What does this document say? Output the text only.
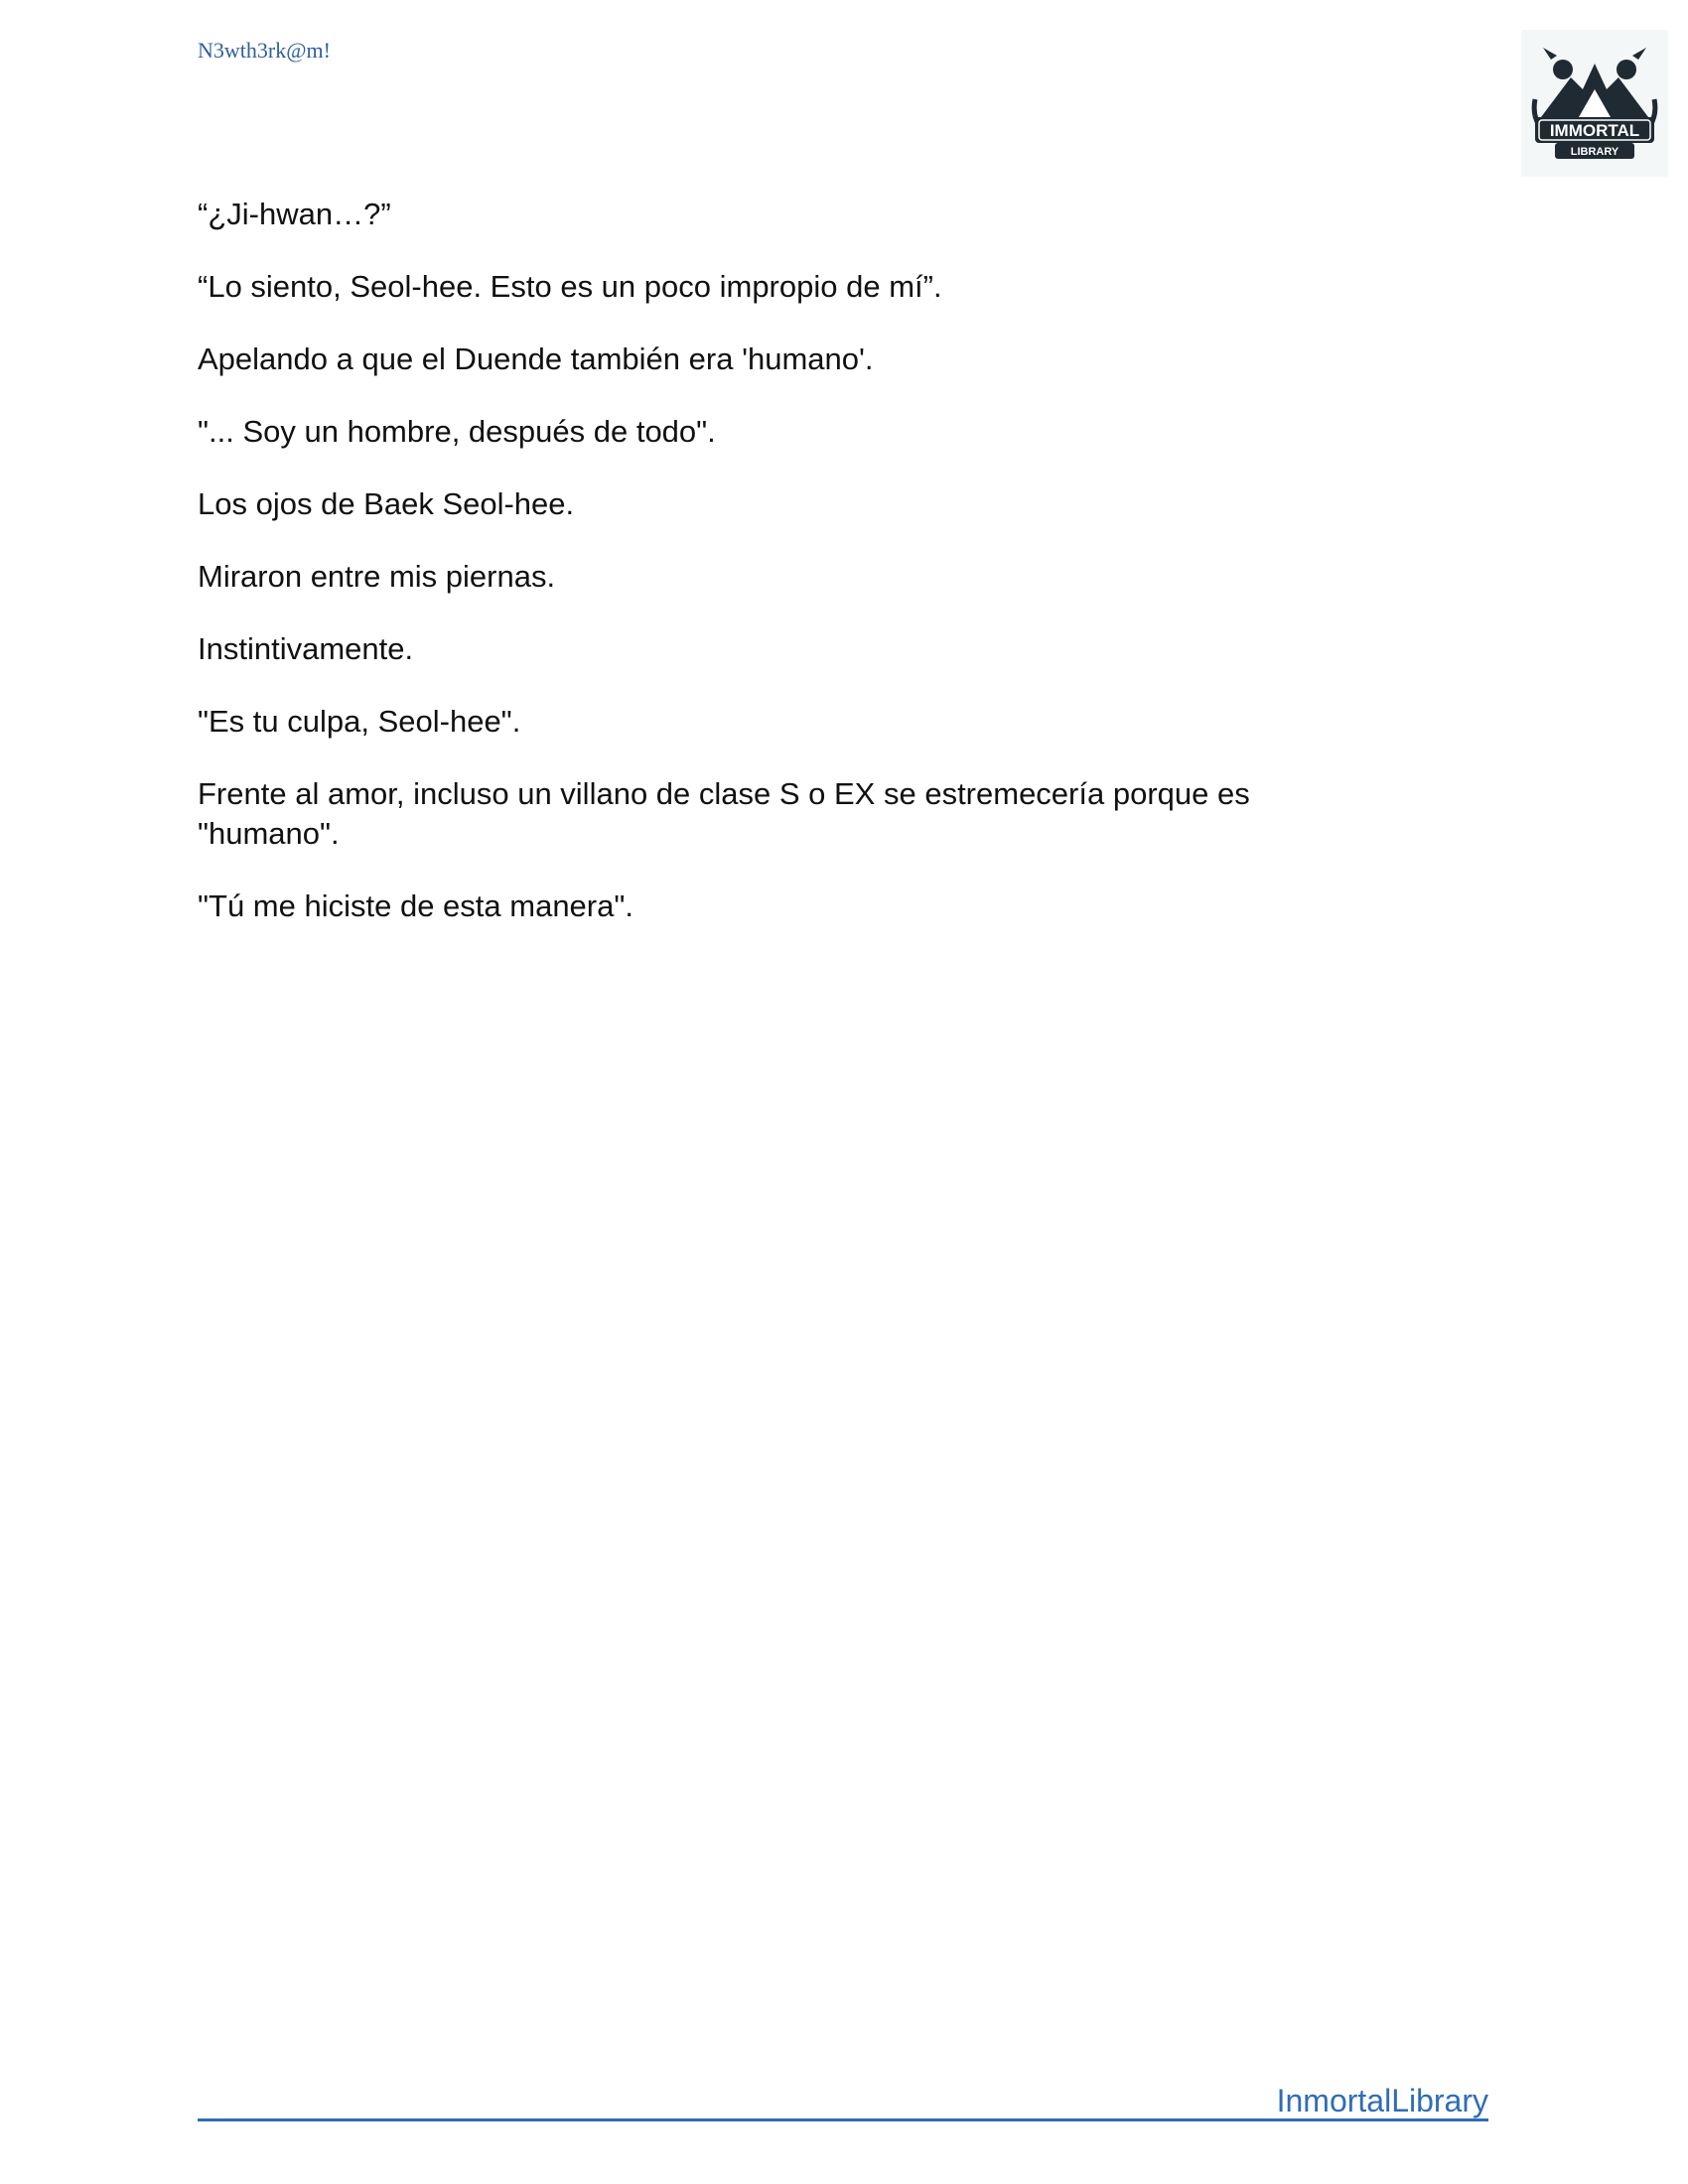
N3wth3rk@m!

IMMORTAL
LIBRARY

“¿Ji-hwan…?”

“Lo siento, Seol-hee. Esto es un poco impropio de mí”.

Apelando a que el Duende también era 'humano'.

"... Soy un hombre, después de todo".

Los ojos de Baek Seol-hee.

Miraron entre mis piernas.

Instintivamente.

"Es tu culpa, Seol-hee".

Frente al amor, incluso un villano de clase S o EX se estremecería porque es "humano".

"Tú me hiciste de esta manera".

InmortalLibrary
